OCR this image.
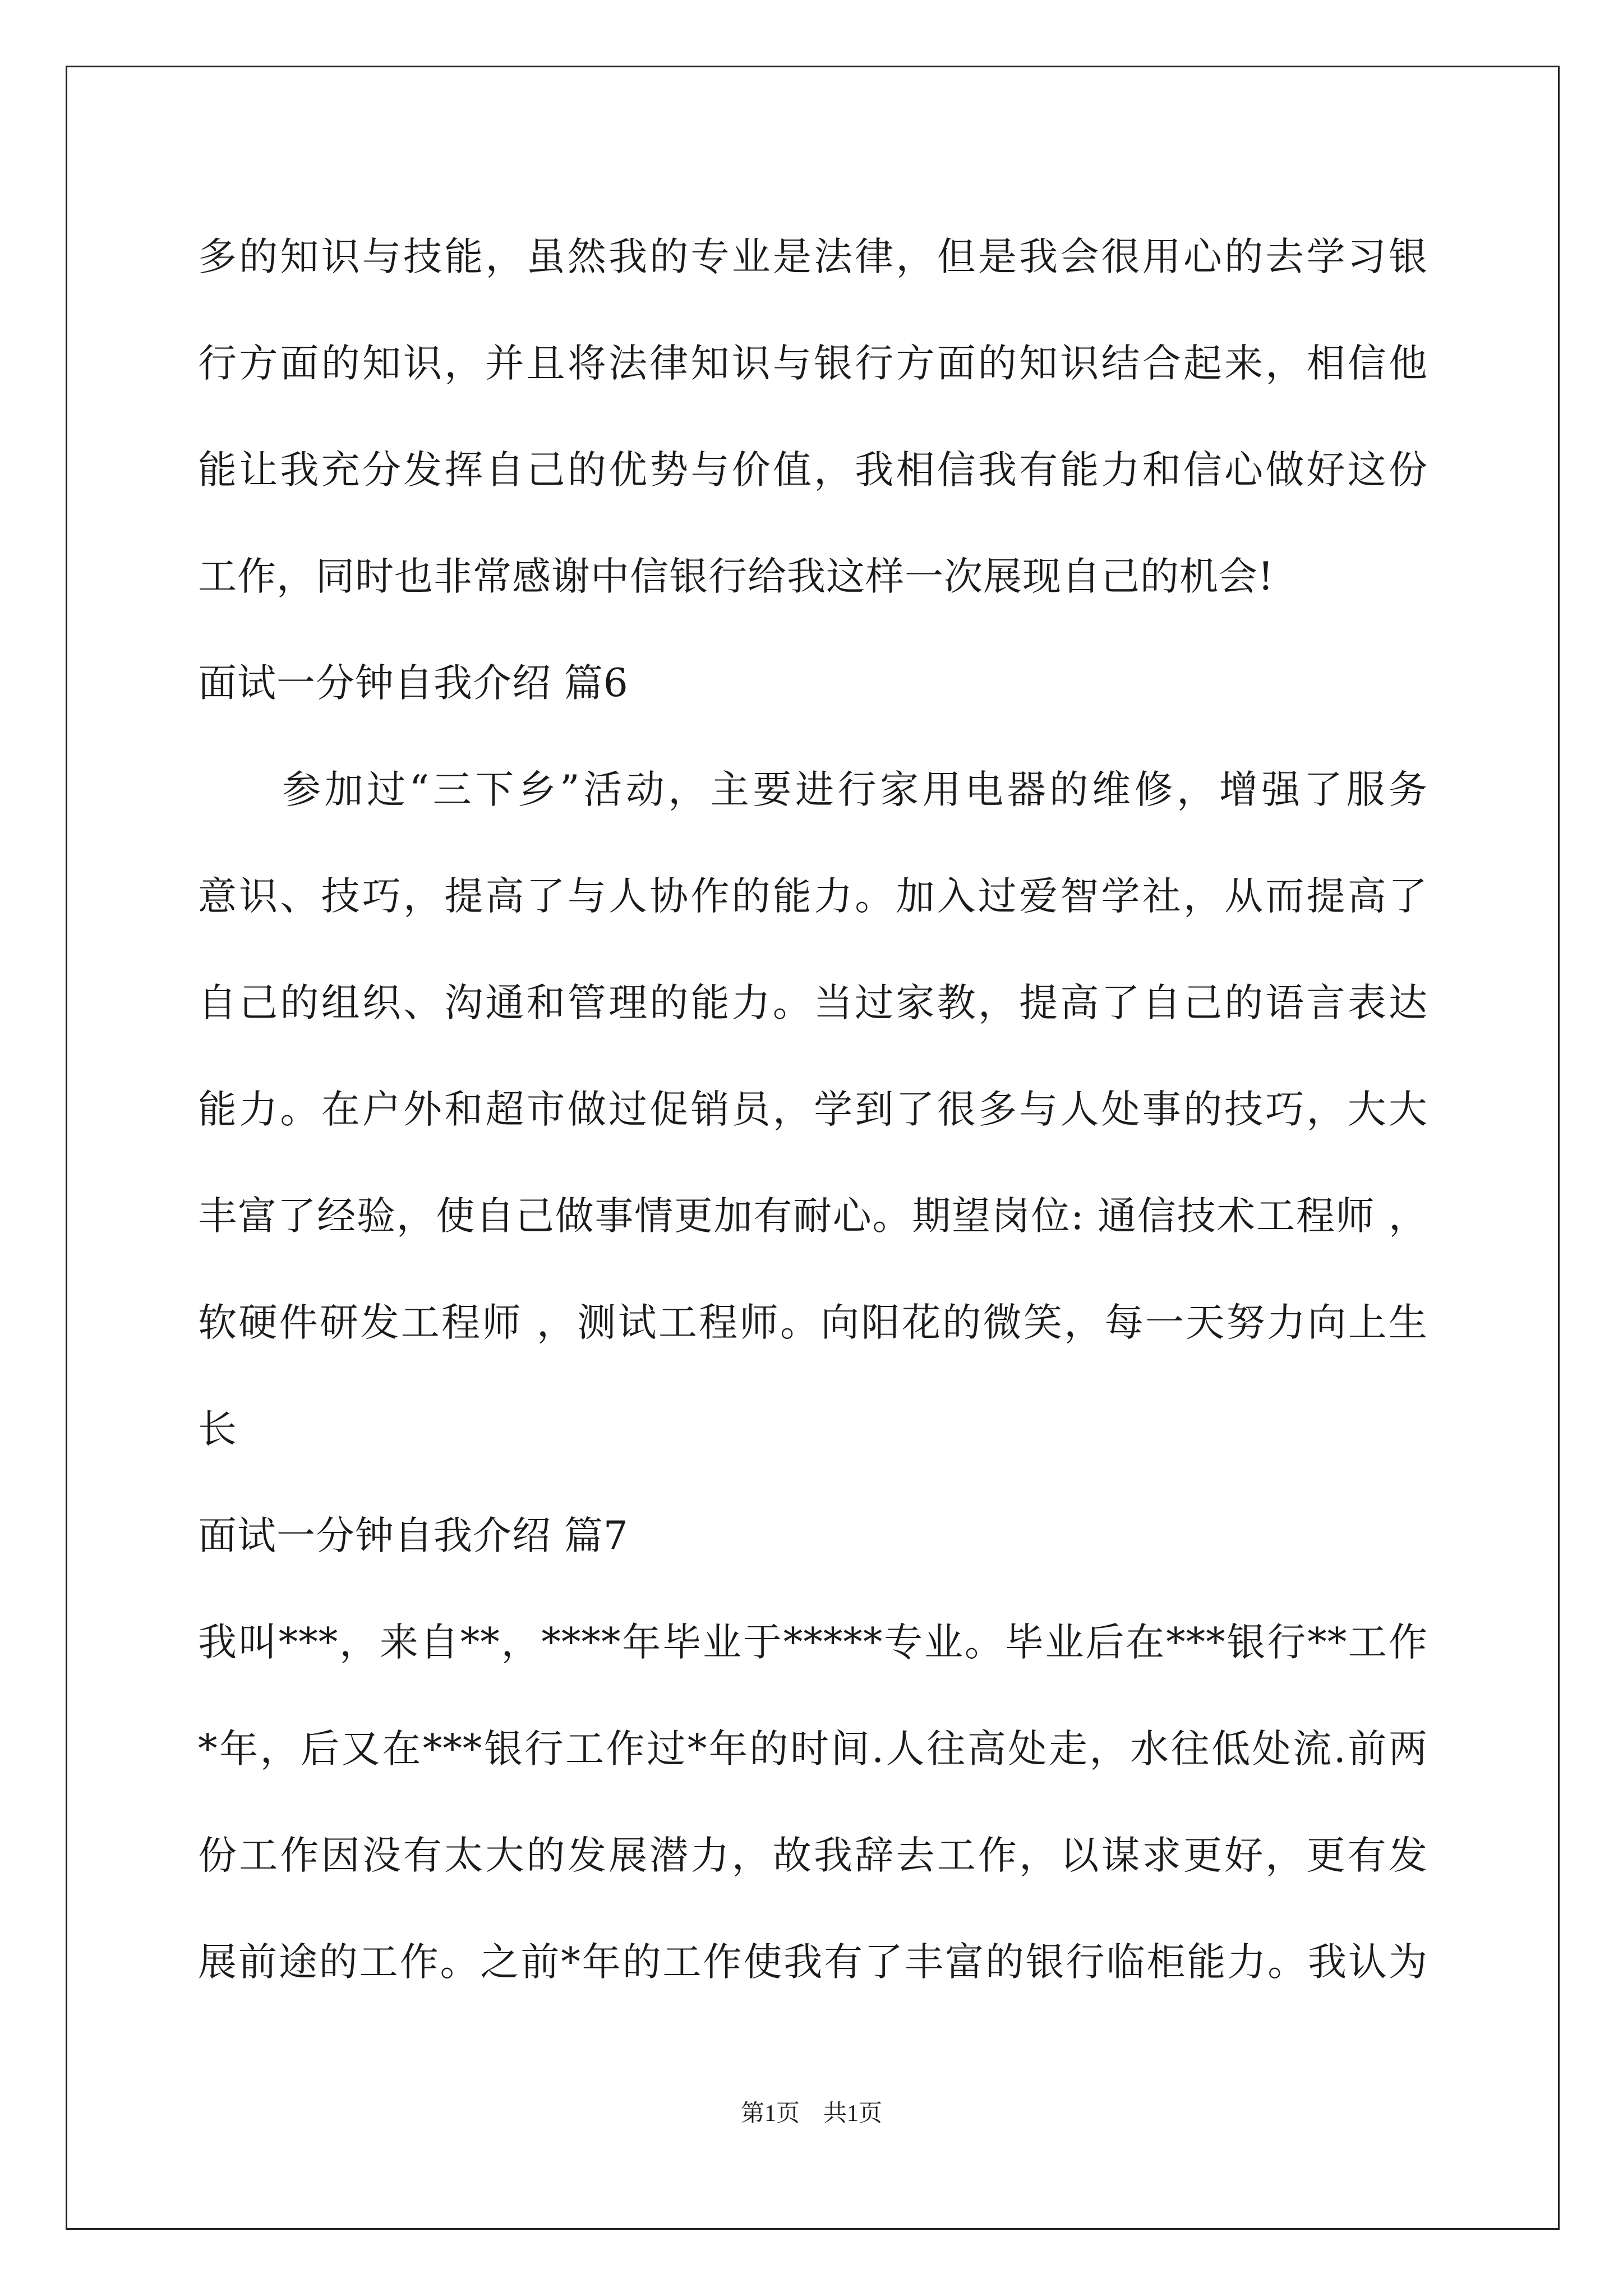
多的知识与技能，虽然我的专业是法律，但是我会很用心的去学习银
行方面的知识，并且将法律知识与银行方面的知识结合起来，相信他
能让我充分发挥自己的优势与价值，我相信我有能力和信心做好这份
工作，同时也非常感谢中信银行给我这样一次展现自己的机会!
面试一分钟自我介绍 篇6
参加过“三下乡”活动，主要进行家用电器的维修，增强了服务
意识、技巧，提高了与人协作的能力。加入过爱智学社，从而提高了
自己的组织、沟通和管理的能力。当过家教，提高了自己的语言表达
能力。在户外和超市做过促销员，学到了很多与人处事的技巧，大大
丰富了经验，使自己做事情更加有耐心。期望岗位: 通信技术工程师 ，
软硬件研发工程师 ，测试工程师。向阳花的微笑，每一天努力向上生
长
面试一分钟自我介绍 篇7
我叫***，来自**，****年毕业于*****专业。毕业后在***银行**工作
*年，后又在***银行工作过*年的时间.人往高处走，水往低处流.前两
份工作因没有太大的发展潜力，故我辞去工作，以谋求更好，更有发
展前途的工作。之前*年的工作使我有了丰富的银行临柜能力。我认为
第1页　共1页
